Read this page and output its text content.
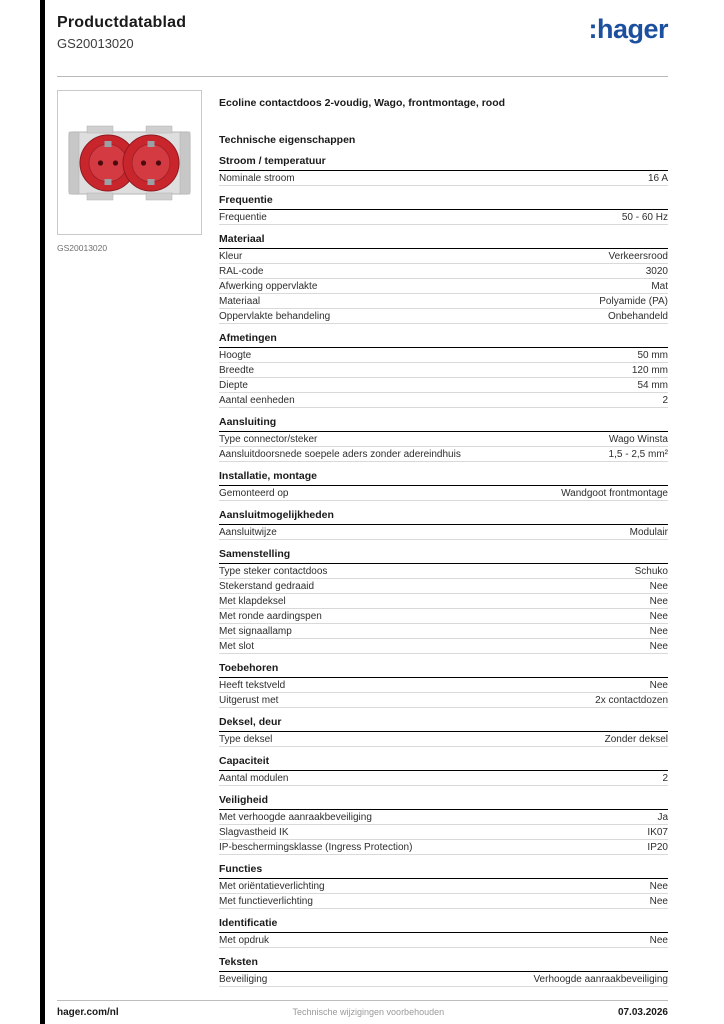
Productdatablad
GS20013020	:hager
GS20013020
Ecoline contactdoos 2-voudig, Wago, frontmontage, rood
Technische eigenschappen
Stroom / temperatuur
Nominale stroom	16 A
Frequentie
Frequentie	50 - 60 Hz
Materiaal
Kleur	Verkeersrood
RAL-code	3020
Afwerking oppervlakte	Mat
Materiaal	Polyamide (PA)
Oppervlakte behandeling	Onbehandeld
Afmetingen
Hoogte	50 mm
Breedte	120 mm
Diepte	54 mm
Aantal eenheden	2
Aansluiting
Type connector/steker	Wago Winsta
Aansluitdoorsnede soepele aders zonder adereindhuis	1,5 - 2,5 mm²
Installatie, montage
Gemonteerd op	Wandgoot frontmontage
Aansluitmogelijkheden
Aansluitwijze	Modulair
Samenstelling
Type steker contactdoos	Schuko
Stekerstand gedraaid	Nee
Met klapdeksel	Nee
Met ronde aardingspen	Nee
Met signaallamp	Nee
Met slot	Nee
Toebehoren
Heeft tekstveld	Nee
Uitgerust met	2x contactdozen
Deksel, deur
Type deksel	Zonder deksel
Capaciteit
Aantal modulen	2
Veiligheid
Met verhoogde aanraakbeveiliging	Ja
Slagvastheid IK	IK07
IP-beschermingsklasse (Ingress Protection)	IP20
Functies
Met oriëntatieverlichting	Nee
Met functieverlichting	Nee
Identificatie
Met opdruk	Nee
Teksten
Beveiliging	Verhoogde aanraakbeveiliging
hager.com/nl	Technische wijzigingen voorbehouden	07.03.2026
